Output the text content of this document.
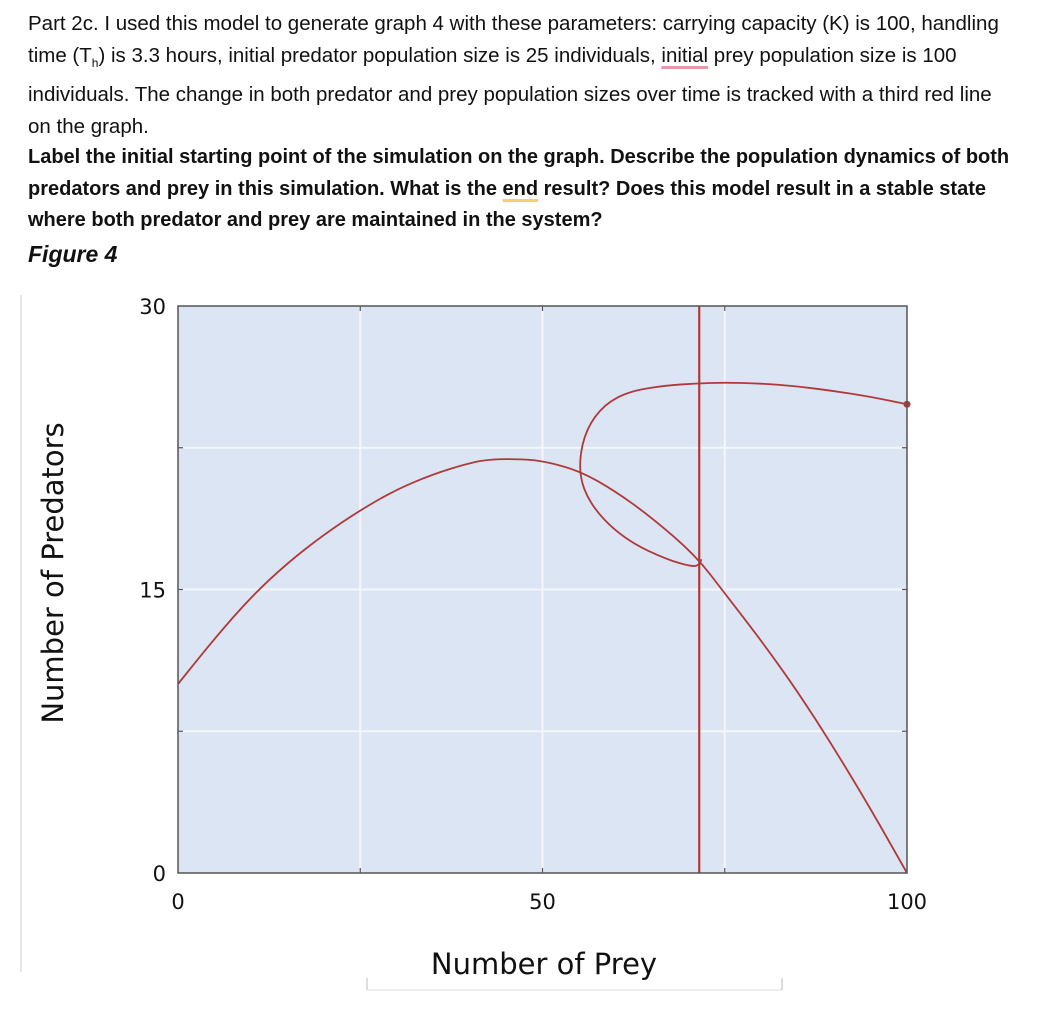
Part 2c. I used this model to generate graph 4 with these parameters: carrying capacity (K) is 100, handling time $(T_h)$ is 3.3 hours, initial predator population size is 25 individuals, initial prey population size is 100 individuals. The change in both predator and prey population sizes over time is tracked with a third red line on the graph.

Label the initial starting point of the simulation on the graph. Describe the population dynamics of both predators and prey in this simulation. What is the end result? Does this model result in a stable state where both predator and prey are maintained in the system?

Figure 4

0	50	100
0
15
30
Number of Prey
Number of Predators
